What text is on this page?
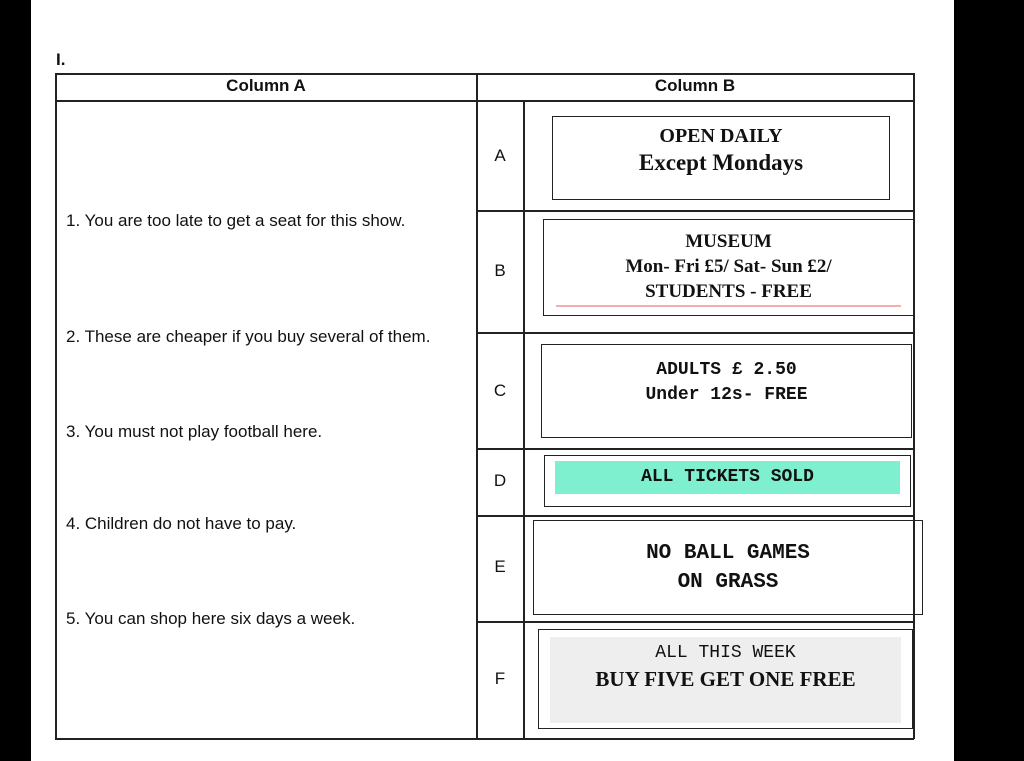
I.
Column A	Column B
1. You are too late to get a seat for this show.
2. These are cheaper if you buy several of them.
3. You must not play football here.
4. Children do not have to pay.
5. You can shop here six days a week.
A
B
C
D
E
F
OPEN DAILY
Except Mondays
MUSEUM
Mon- Fri £5/ Sat- Sun £2/
STUDENTS - FREE
ADULTS £ 2.50
Under 12s- FREE
ALL TICKETS SOLD
NO BALL GAMES
ON GRASS
ALL THIS WEEK
BUY FIVE GET ONE FREE
